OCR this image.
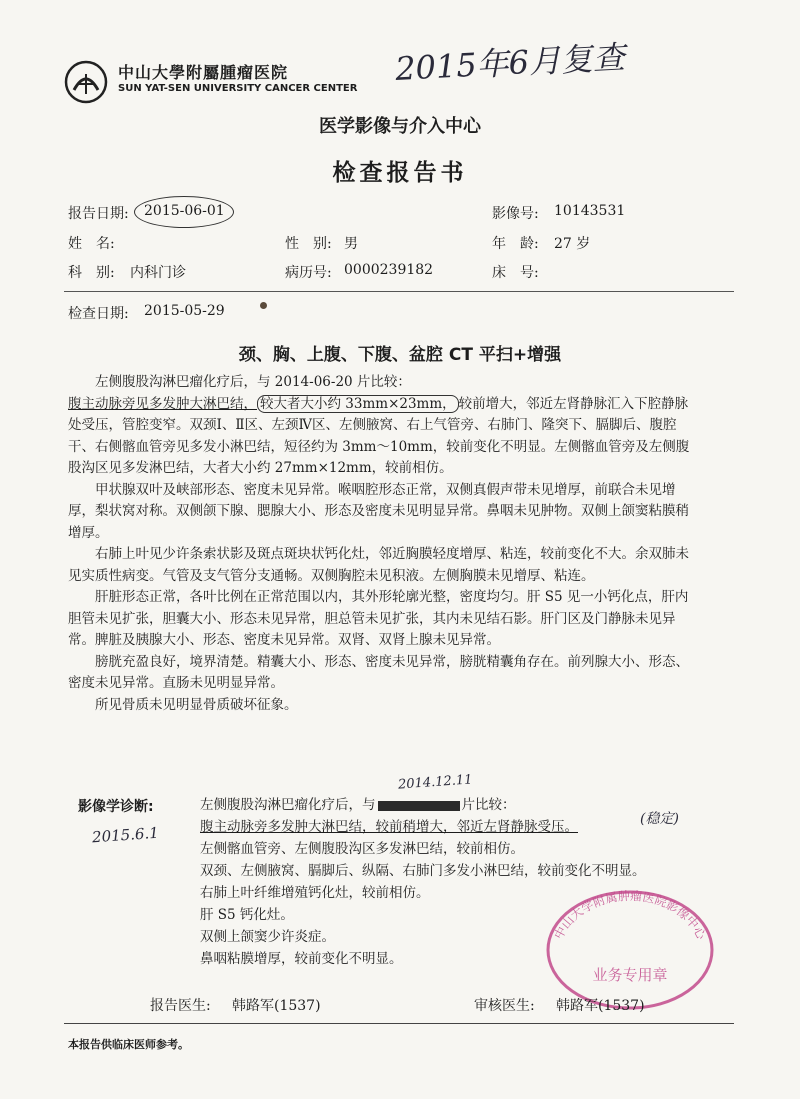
2015年6月复查
中山大學附屬腫瘤医院
SUN YAT-SEN UNIVERSITY CANCER CENTER
医学影像与介入中心
检查报告书
报告日期: 2015-06-01	影像号: 10143531
姓　名:	性　别: 男	年　龄: 27 岁
科　别: 内科门诊	病历号: 0000239182	床　号:
检查日期: 2015-05-29
颈、胸、上腹、下腹、盆腔 CT 平扫+增强

左侧腹股沟淋巴瘤化疗后，与 2014-06-20 片比较：

腹主动脉旁见多发肿大淋巴结， 较大者大小约 33mm×23mm， 较前增大，邻近左肾静脉汇入下腔静脉处受压，管腔变窄。双颈Ⅰ、Ⅱ区、左颈Ⅳ区、左侧腋窝、右上气管旁、右肺门、隆突下、膈脚后、腹腔干、右侧髂血管旁见多发小淋巴结，短径约为 3mm～10mm，较前变化不明显。左侧髂血管旁及左侧腹股沟区见多发淋巴结，大者大小约 27mm×12mm，较前相仿。

甲状腺双叶及峡部形态、密度未见异常。喉咽腔形态正常，双侧真假声带未见增厚，前联合未见增厚，梨状窝对称。双侧颌下腺、腮腺大小、形态及密度未见明显异常。鼻咽未见肿物。双侧上颌窦粘膜稍增厚。

右肺上叶见少许条索状影及斑点斑块状钙化灶，邻近胸膜轻度增厚、粘连，较前变化不大。余双肺未见实质性病变。气管及支气管分支通畅。双侧胸腔未见积液。左侧胸膜未见增厚、粘连。

肝脏形态正常，各叶比例在正常范围以内，其外形轮廓光整，密度均匀。肝 S5 见一小钙化点，肝内胆管未见扩张，胆囊大小、形态未见异常，胆总管未见扩张，其内未见结石影。肝门区及门静脉未见异常。脾脏及胰腺大小、形态、密度未见异常。双肾、双肾上腺未见异常。

膀胱充盈良好，境界清楚。精囊大小、形态、密度未见异常，膀胱精囊角存在。前列腺大小、形态、密度未见异常。直肠未见明显异常。

所见骨质未见明显骨质破坏征象。

影像学诊断:
2014.12.11
2015.6.1
(稳定)
左侧腹股沟淋巴瘤化疗后，与	片比较：
腹主动脉旁多发肿大淋巴结，较前稍增大，邻近左肾静脉受压。
左侧髂血管旁、左侧腹股沟区多发淋巴结，较前相仿。
双颈、左侧腋窝、膈脚后、纵隔、右肺门多发小淋巴结，较前变化不明显。
右肺上叶纤维增殖钙化灶，较前相仿。
肝 S5 钙化灶。
双侧上颌窦少许炎症。
鼻咽粘膜增厚，较前变化不明显。
中山大学附属肿瘤医院影像中心
业务专用章
报告医生: 韩路军(1537)	审核医生: 韩路军(1537)
本报告供临床医师参考。
